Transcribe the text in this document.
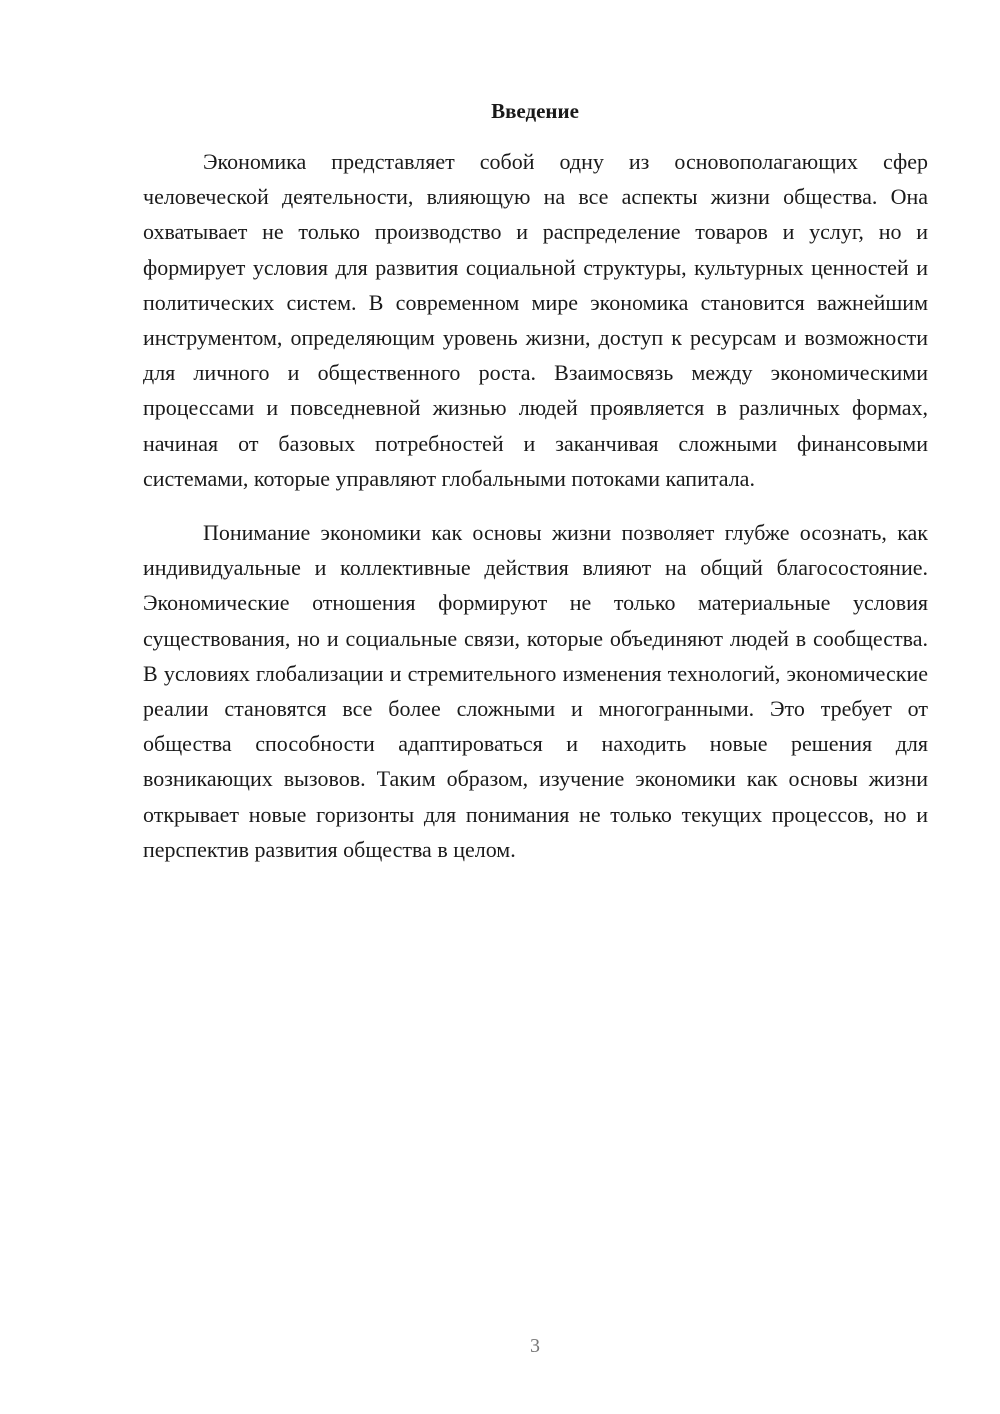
Введение

Экономика представляет собой одну из основополагающих сфер человеческой деятельности, влияющую на все аспекты жизни общества. Она охватывает не только производство и распределение товаров и услуг, но и формирует условия для развития социальной структуры, культурных ценностей и политических систем. В современном мире экономика становится важнейшим инструментом, определяющим уровень жизни, доступ к ресурсам и возможности для личного и общественного роста. Взаимосвязь между экономическими процессами и повседневной жизнью людей проявляется в различных формах, начиная от базовых потребностей и заканчивая сложными финансовыми системами, которые управляют глобальными потоками капитала.

Понимание экономики как основы жизни позволяет глубже осознать, как индивидуальные и коллективные действия влияют на общий благосостояние. Экономические отношения формируют не только материальные условия существования, но и социальные связи, которые объединяют людей в сообщества. В условиях глобализации и стремительного изменения технологий, экономические реалии становятся все более сложными и многогранными. Это требует от общества способности адаптироваться и находить новые решения для возникающих вызовов. Таким образом, изучение экономики как основы жизни открывает новые горизонты для понимания не только текущих процессов, но и перспектив развития общества в целом.

3
